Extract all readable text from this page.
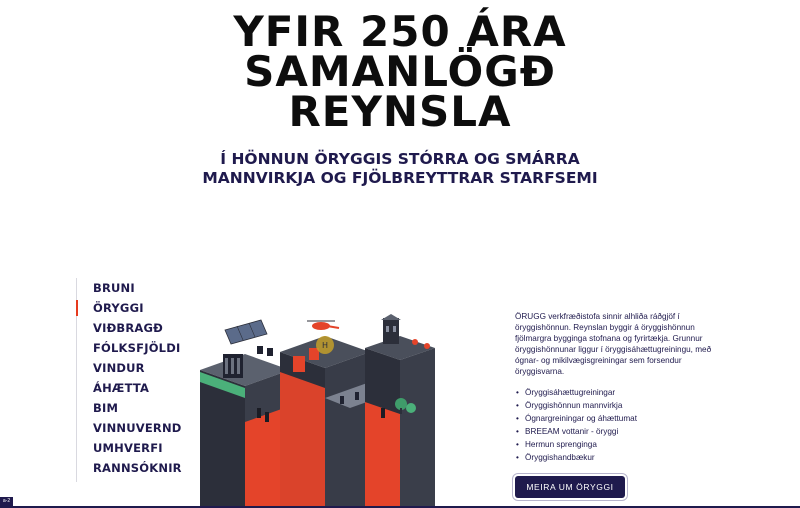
YFIR 250 ÁRA
SAMANLÖGÐ
REYNSLA
Í HÖNNUN ÖRYGGIS STÓRRA OG SMÁRRA
MANNVIRKJA OG FJÖLBREYTTRAR STARFSEMI
BRUNI
ÖRYGGI
VIÐBRAGÐ
FÓLKSFJÖLDI
VINDUR
ÁHÆTTA
BIM
VINNUVERND
UMHVERFI
RANNSÓKNIR
H

ÖRUGG verkfræðistofa sinnir alhliða ráðgjöf í öryggishönnun. Reynslan byggir á öryggishönnun fjölmargra bygginga stofnana og fyrirtækja. Grunnur öryggishönnunar liggur í öryggisáhættugreiningu, með ógnar- og mikilvægisgreiningar sem forsendur öryggisvarna.

• Öryggisáhættugreiningar
• Öryggishönnun mannvirkja
• Ógnargreiningar og áhættumat
• BREEAM vottanir - öryggi
• Hermun sprenginga
• Öryggishandbækur
MEIRA UM ÖRYGGI
a-2
